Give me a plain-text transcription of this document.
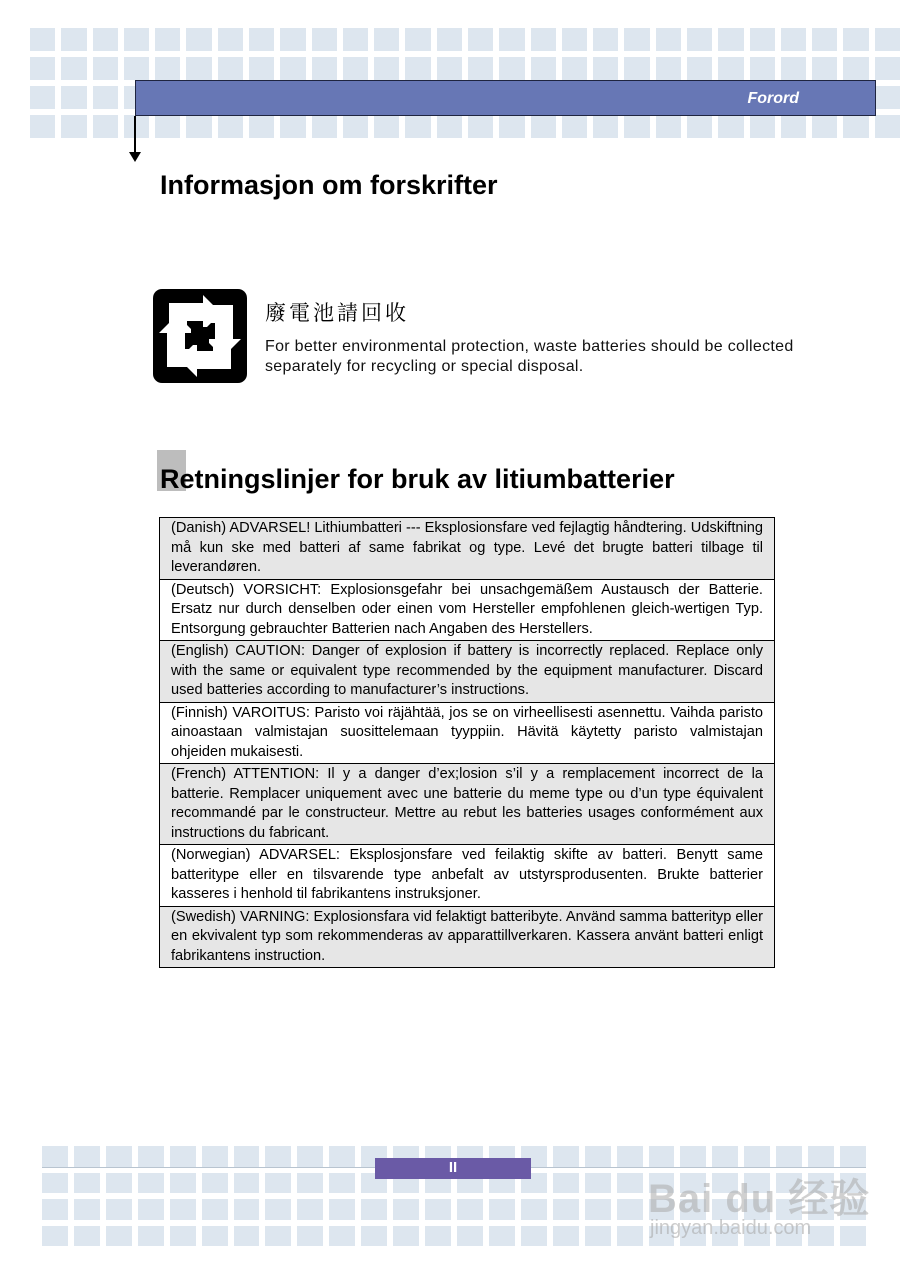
Forord
Informasjon om forskrifter
廢電池請回收
For better environmental protection, waste batteries should be collected separately for recycling or special disposal.
Retningslinjer for bruk av litiumbatterier
(Danish) ADVARSEL! Lithiumbatteri --- Eksplosionsfare ved fejlagtig håndtering. Udskiftning må kun ske med batteri af same fabrikat og type. Levé det brugte batteri tilbage til leverandøren.
(Deutsch) VORSICHT: Explosionsgefahr bei unsachgemäßem Austausch der Batterie. Ersatz nur durch denselben oder einen vom Hersteller empfohlenen gleich-wertigen Typ. Entsorgung gebrauchter Batterien nach Angaben des Herstellers.
(English) CAUTION: Danger of explosion if battery is incorrectly replaced. Replace only with the same or equivalent type recommended by the equipment manufacturer. Discard used batteries according to manufacturer’s instructions.
(Finnish) VAROITUS: Paristo voi räjähtää, jos se on virheellisesti asennettu. Vaihda paristo ainoastaan valmistajan suosittelemaan tyyppiin. Hävitä käytetty paristo valmistajan ohjeiden mukaisesti.
(French) ATTENTION: Il y a danger d’ex;losion s’il y a remplacement incorrect de la batterie. Remplacer uniquement avec une batterie du meme type ou d’un type équivalent recommandé par le constructeur. Mettre au rebut les batteries usages conformément aux instructions du fabricant.
(Norwegian) ADVARSEL: Eksplosjonsfare ved feilaktig skifte av batteri. Benytt same batteritype eller en tilsvarende type anbefalt av utstyrsprodusenten. Brukte batterier kasseres i henhold til fabrikantens instruksjoner.
(Swedish) VARNING: Explosionsfara vid felaktigt batteribyte. Använd samma batterityp eller en ekvivalent typ som rekommenderas av apparattillverkaren. Kassera använt batteri enligt fabrikantens instruction.
II
Bai du 经验
jingyan.baidu.com
